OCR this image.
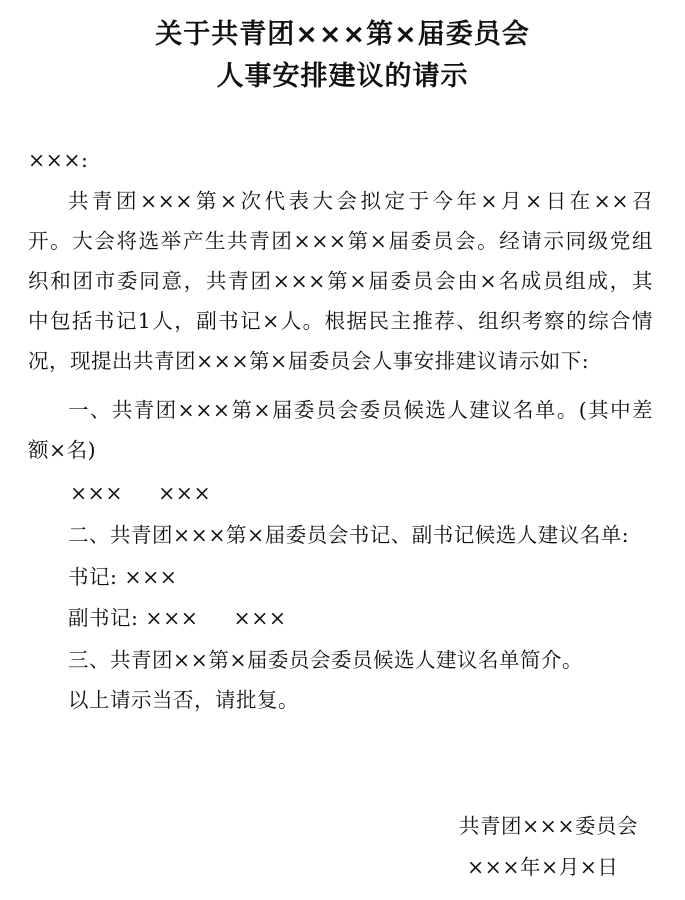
关于共青团×××第×届委员会
人事安排建议的请示
×××:
共青团×××第×次代表大会拟定于今年×月×日在××召
开。大会将选举产生共青团×××第×届委员会。经请示同级党组
织和团市委同意，共青团×××第×届委员会由×名成员组成，其
中包括书记1人，副书记×人。根据民主推荐、组织考察的综合情
况，现提出共青团×××第×届委员会人事安排建议请示如下:
一、共青团×××第×届委员会委员候选人建议名单。(其中差
额×名)
×××     ×××
二、共青团×××第×届委员会书记、副书记候选人建议名单:
书记: ×××
副书记: ×××     ×××
三、共青团××第×届委员会委员候选人建议名单简介。
以上请示当否，请批复。
共青团×××委员会
×××年×月×日
